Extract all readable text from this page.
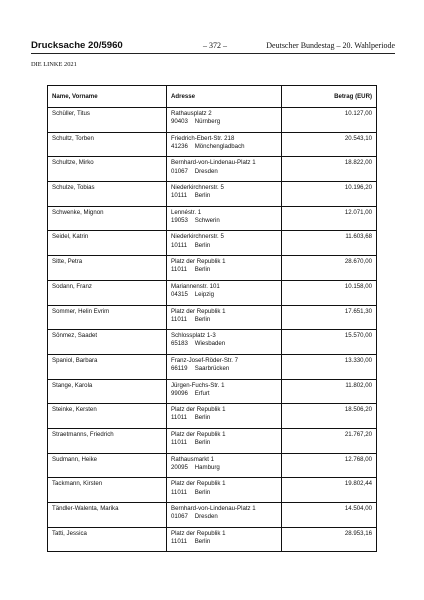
Drucksache 20/5960	– 372 –	Deutscher Bundestag – 20. Wahlperiode
DIE LINKE 2021
Name, Vorname	Adresse	Betrag (EUR)

Schüller, Titus	Rathausplatz 2
90403 Nürnberg	10.127,00

Schultz, Torben	Friedrich-Ebert-Str. 218
41236 Mönchengladbach	20.543,10

Schultze, Mirko	Bernhard-von-Lindenau-Platz 1
01067 Dresden	18.822,00

Schulze, Tobias	Niederkirchnerstr. 5
10111 Berlin	10.196,20

Schwenke, Mignon	Lennéstr. 1
19053 Schwerin	12.071,00

Seidel, Katrin	Niederkirchnerstr. 5
10111 Berlin	11.603,68

Sitte, Petra	Platz der Republik 1
11011 Berlin	28.670,00

Sodann, Franz	Mariannenstr. 101
04315 Leipzig	10.158,00

Sommer, Helin Evrim	Platz der Republik 1
11011 Berlin	17.651,30

Sönmez, Saadet	Schlossplatz 1-3
65183 Wiesbaden	15.570,00

Spaniol, Barbara	Franz-Josef-Röder-Str. 7
66119 Saarbrücken	13.330,00

Stange, Karola	Jürgen-Fuchs-Str. 1
99096 Erfurt	11.802,00

Steinke, Kersten	Platz der Republik 1
11011 Berlin	18.506,20

Straetmanns, Friedrich	Platz der Republik 1
11011 Berlin	21.767,20

Sudmann, Heike	Rathausmarkt 1
20095 Hamburg	12.768,00

Tackmann, Kirsten	Platz der Republik 1
11011 Berlin	19.802,44

Tändler-Walenta, Marika	Bernhard-von-Lindenau-Platz 1
01067 Dresden	14.504,00

Tatti, Jessica	Platz der Republik 1
11011 Berlin	28.953,16
